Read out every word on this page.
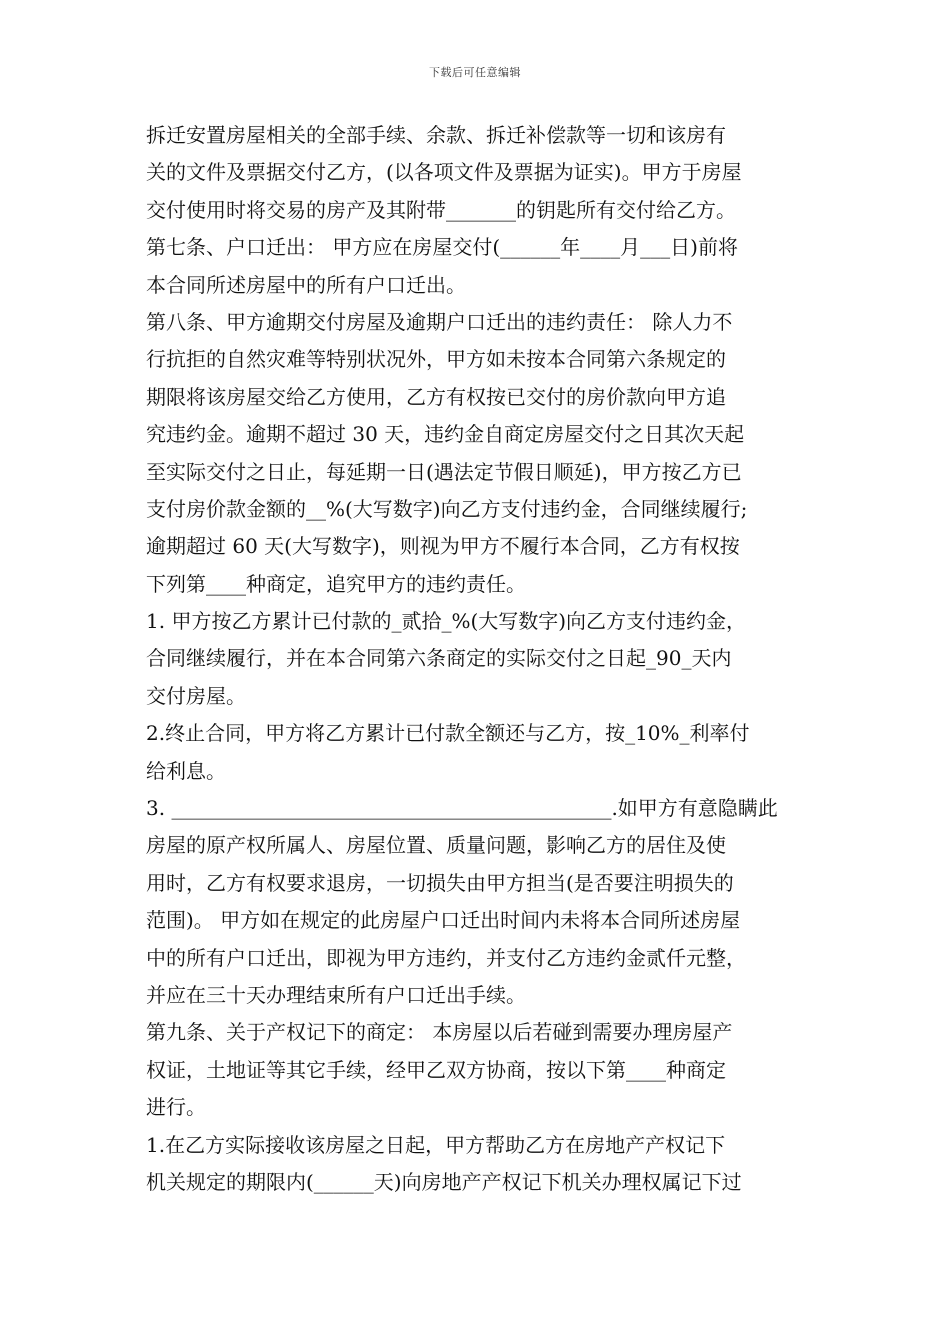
下载后可任意编辑
拆迁安置房屋相关的全部手续、余款、拆迁补偿款等一切和该房有
关的文件及票据交付乙方，(以各项文件及票据为证实)。甲方于房屋
交付使用时将交易的房产及其附带_______的钥匙所有交付给乙方。
第七条、户口迁出： 甲方应在房屋交付(______年____月___日)前将
本合同所述房屋中的所有户口迁出。
第八条、甲方逾期交付房屋及逾期户口迁出的违约责任： 除人力不
行抗拒的自然灾难等特别状况外，甲方如未按本合同第六条规定的
期限将该房屋交给乙方使用，乙方有权按已交付的房价款向甲方追
究违约金。逾期不超过 30 天，违约金自商定房屋交付之日其次天起
至实际交付之日止，每延期一日(遇法定节假日顺延)，甲方按乙方已
支付房价款金额的__%(大写数字)向乙方支付违约金，合同继续履行;
逾期超过 60 天(大写数字)，则视为甲方不履行本合同，乙方有权按
下列第____种商定，追究甲方的违约责任。
1. 甲方按乙方累计已付款的_贰拾_%(大写数字)向乙方支付违约金，
合同继续履行，并在本合同第六条商定的实际交付之日起_90_天内
交付房屋。
2.终止合同，甲方将乙方累计已付款全额还与乙方，按_10%_利率付
给利息。
3. ____________________________________________.如甲方有意隐瞒此
房屋的原产权所属人、房屋位置、质量问题，影响乙方的居住及使
用时，乙方有权要求退房，一切损失由甲方担当(是否要注明损失的
范围)。 甲方如在规定的此房屋户口迁出时间内未将本合同所述房屋
中的所有户口迁出，即视为甲方违约，并支付乙方违约金贰仟元整，
并应在三十天办理结束所有户口迁出手续。
第九条、关于产权记下的商定： 本房屋以后若碰到需要办理房屋产
权证，土地证等其它手续，经甲乙双方协商，按以下第____种商定
进行。
1.在乙方实际接收该房屋之日起，甲方帮助乙方在房地产产权记下
机关规定的期限内(______天)向房地产产权记下机关办理权属记下过
